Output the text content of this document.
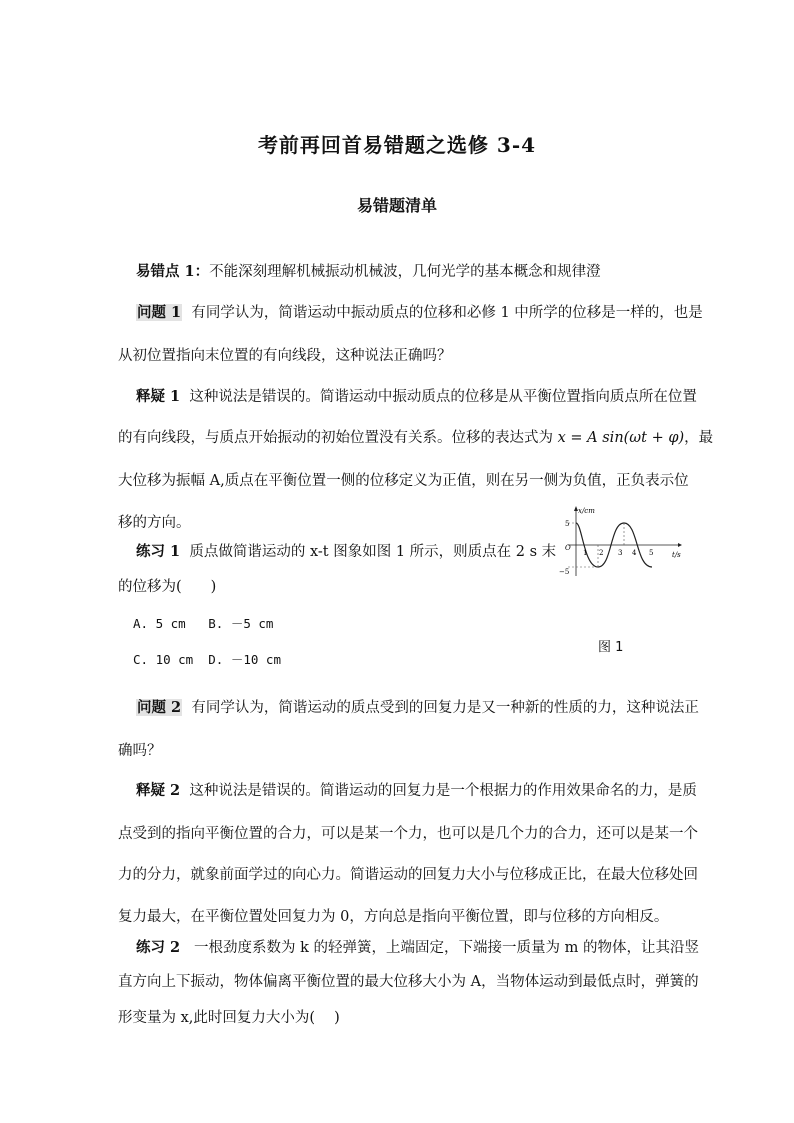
考前再回首易错题之选修 3-4
易错题清单
易错点 1：不能深刻理解机械振动机械波，几何光学的基本概念和规律澄
问题 1 有同学认为，简谐运动中振动质点的位移和必修 1 中所学的位移是一样的，也是
从初位置指向末位置的有向线段，这种说法正确吗？
释疑 1 这种说法是错误的。简谐运动中振动质点的位移是从平衡位置指向质点所在位置
的有向线段，与质点开始振动的初始位置没有关系。位移的表达式为 x = A sin(ωt + φ)，最
大位移为振幅 A,质点在平衡位置一侧的位移定义为正值，则在另一侧为负值，正负表示位
移的方向。
练习 1 质点做简谐运动的 x-t 图象如图 1 所示，则质点在 2 s 末
的位移为(　　)
A. 5 cm B. －5 cm
C. 10 cm D. －10 cm
x/cm
t/s
O
5
−5
1 2 3 4 5
图 1
问题 2 有同学认为，简谐运动的质点受到的回复力是又一种新的性质的力，这种说法正
确吗？
释疑 2 这种说法是错误的。简谐运动的回复力是一个根据力的作用效果命名的力，是质
点受到的指向平衡位置的合力，可以是某一个力，也可以是几个力的合力，还可以是某一个
力的分力，就象前面学过的向心力。简谐运动的回复力大小与位移成正比，在最大位移处回
复力最大，在平衡位置处回复力为 0，方向总是指向平衡位置，即与位移的方向相反。
练习 2 一根劲度系数为 k 的轻弹簧，上端固定，下端接一质量为 m 的物体，让其沿竖
直方向上下振动，物体偏离平衡位置的最大位移大小为 A，当物体运动到最低点时，弹簧的
形变量为 x,此时回复力大小为(　 )
